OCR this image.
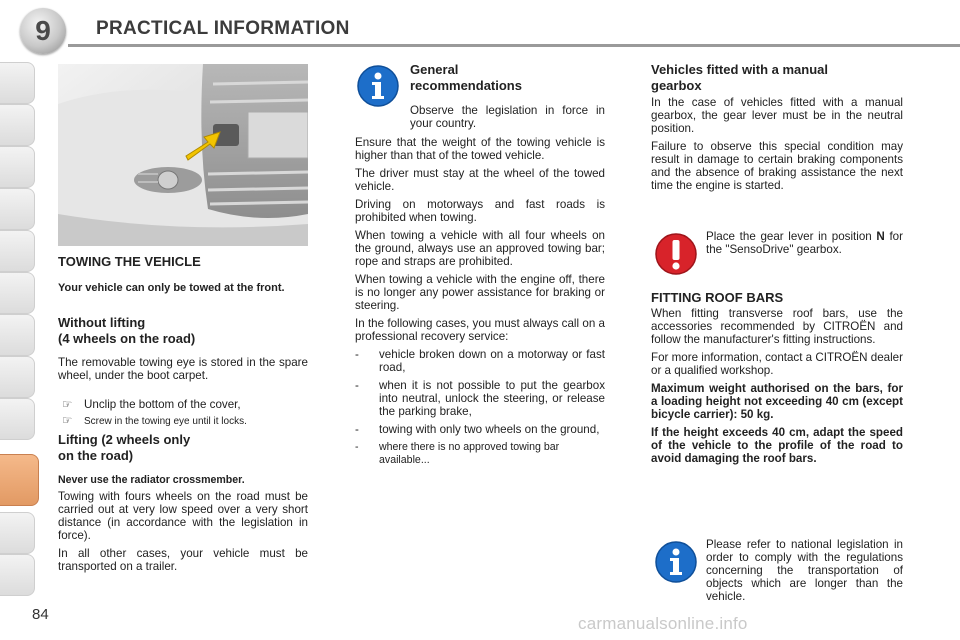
9 PRACTICAL INFORMATION
84	carmanualsonline.info
TOWING THE VEHICLE
Your vehicle can only be towed at the front.
Without lifting
(4 wheels on the road)
The removable towing eye is stored in the spare wheel, under the boot carpet.
☞ Unclip the bottom of the cover,
☞ Screw in the towing eye until it locks.
Lifting (2 wheels only
on the road)
Never use the radiator crossmember.

Towing with fours wheels on the road must be carried out at very low speed over a very short distance (in accordance with the legislation in force).

In all other cases, your vehicle must be transported on a trailer.

General
recommendations
Observe the legislation in force in your country.

Ensure that the weight of the towing vehicle is higher than that of the towed vehicle.

The driver must stay at the wheel of the towed vehicle.

Driving on motorways and fast roads is prohibited when towing.

When towing a vehicle with all four wheels on the ground, always use an approved towing bar; rope and straps are prohibited.

When towing a vehicle with the engine off, there is no longer any power assistance for braking or steering.

In the following cases, you must always call on a professional recovery service:

-	vehicle broken down on a motorway or fast road,
-	when it is not possible to put the gearbox into neutral, unlock the steering, or release the parking brake,
-	towing with only two wheels on the ground,
-	where there is no approved towing bar available...
Vehicles fitted with a manual
gearbox

In the case of vehicles fitted with a manual gearbox, the gear lever must be in the neutral position.

Failure to observe this special condition may result in damage to certain braking components and the absence of braking assistance the next time the engine is started.

Place the gear lever in position N for the "SensoDrive" gearbox.
FITTING ROOF BARS

When fitting transverse roof bars, use the accessories recommended by CITROËN and follow the manufacturer's fitting instructions.

For more information, contact a CITROËN dealer or a qualified workshop.

Maximum weight authorised on the bars, for a loading height not exceeding 40 cm (except bicycle carrier): 50 kg.

If the height exceeds 40 cm, adapt the speed of the vehicle to the profile of the road to avoid damaging the roof bars.

Please refer to national legislation in order to comply with the regulations concerning the transportation of objects which are longer than the vehicle.
